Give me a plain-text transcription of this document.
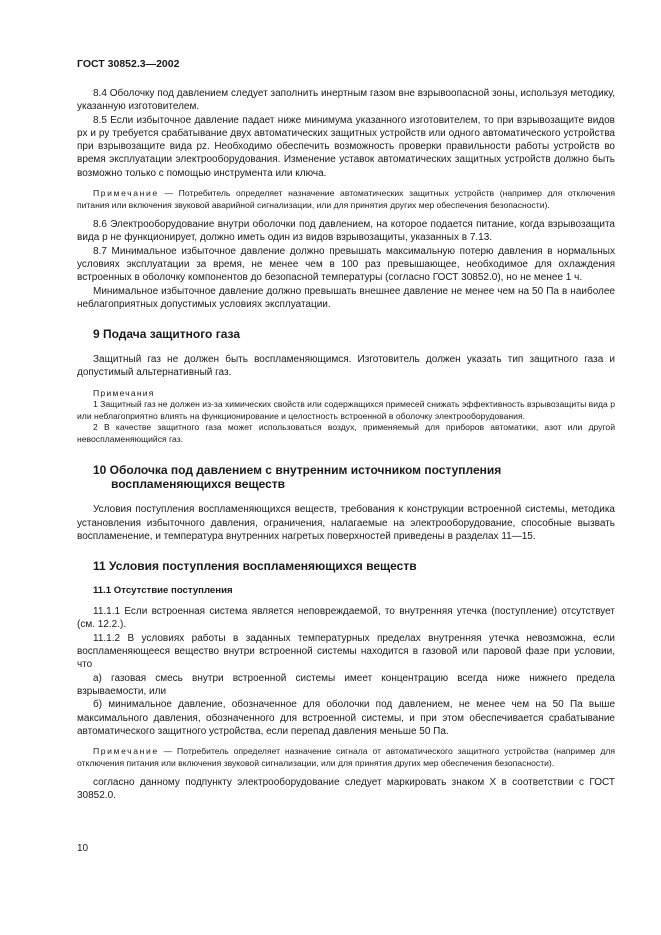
ГОСТ 30852.3—2002

8.4 Оболочку под давлением следует заполнить инертным газом вне взрывоопасной зоны, используя методику, указанную изготовителем.

8.5 Если избыточное давление падает ниже минимума указанного изготовителем, то при взрывозащите видов px и py требуется срабатывание двух автоматических защитных устройств или одного автоматического устройства при взрывозащите вида pz. Необходимо обеспечить возможность проверки правильности работы устройств во время эксплуатации электрооборудования. Изменение уставок автоматических защитных устройств должно быть возможно только с помощью инструмента или ключа.

Примечание — Потребитель определяет назначение автоматических защитных устройств (например для отключения питания или включения звуковой аварийной сигнализации, или для принятия других мер обеспечения безопасности).

8.6 Электрооборудование внутри оболочки под давлением, на которое подается питание, когда взрывозащита вида p не функционирует, должно иметь один из видов взрывозащиты, указанных в 7.13.

8.7 Минимальное избыточное давление должно превышать максимальную потерю давления в нормальных условиях эксплуатации за время, не менее чем в 100 раз превышающее, необходимое для охлаждения встроенных в оболочку компонентов до безопасной температуры (согласно ГОСТ 30852.0), но не менее 1 ч.

Минимальное избыточное давление должно превышать внешнее давление не менее чем на 50 Па в наиболее неблагоприятных допустимых условиях эксплуатации.

9 Подача защитного газа

Защитный газ не должен быть воспламеняющимся. Изготовитель должен указать тип защитного газа и допустимый альтернативный газ.

Примечания

1 Защитный газ не должен из-за химических свойств или содержащихся примесей снижать эффективность взрывозащиты вида p или неблагоприятно влиять на функционирование и целостность встроенной в оболочку электрооборудования.

2 В качестве защитного газа может использоваться воздух, применяемый для приборов автоматики, азот или другой невоспламеняющийся газ.

10 Оболочка под давлением с внутренним источником поступления воспламеняющихся веществ

Условия поступления воспламеняющихся веществ, требования к конструкции встроенной системы, методика установления избыточного давления, ограничения, налагаемые на электрооборудование, способные вызвать воспламенение, и температура внутренних нагретых поверхностей приведены в разделах 11—15.

11 Условия поступления воспламеняющихся веществ
11.1 Отсутствие поступления

11.1.1 Если встроенная система является неповреждаемой, то внутренняя утечка (поступление) отсутствует (см. 12.2.).

11.1.2 В условиях работы в заданных температурных пределах внутренняя утечка невозможна, если воспламеняющееся вещество внутри встроенной системы находится в газовой или паровой фазе при условии, что

а) газовая смесь внутри встроенной системы имеет концентрацию всегда ниже нижнего предела взрываемости, или

б) минимальное давление, обозначенное для оболочки под давлением, не менее чем на 50 Па выше максимального давления, обозначенного для встроенной системы, и при этом обеспечивается срабатывание автоматического защитного устройства, если перепад давления меньше 50 Па.

Примечание — Потребитель определяет назначение сигнала от автоматического защитного устройства (например для отключения питания или включения звуковой сигнализации, или для принятия других мер обеспечения безопасности).

согласно данному подпункту электрооборудование следует маркировать знаком X в соответствии с ГОСТ 30852.0.

10
